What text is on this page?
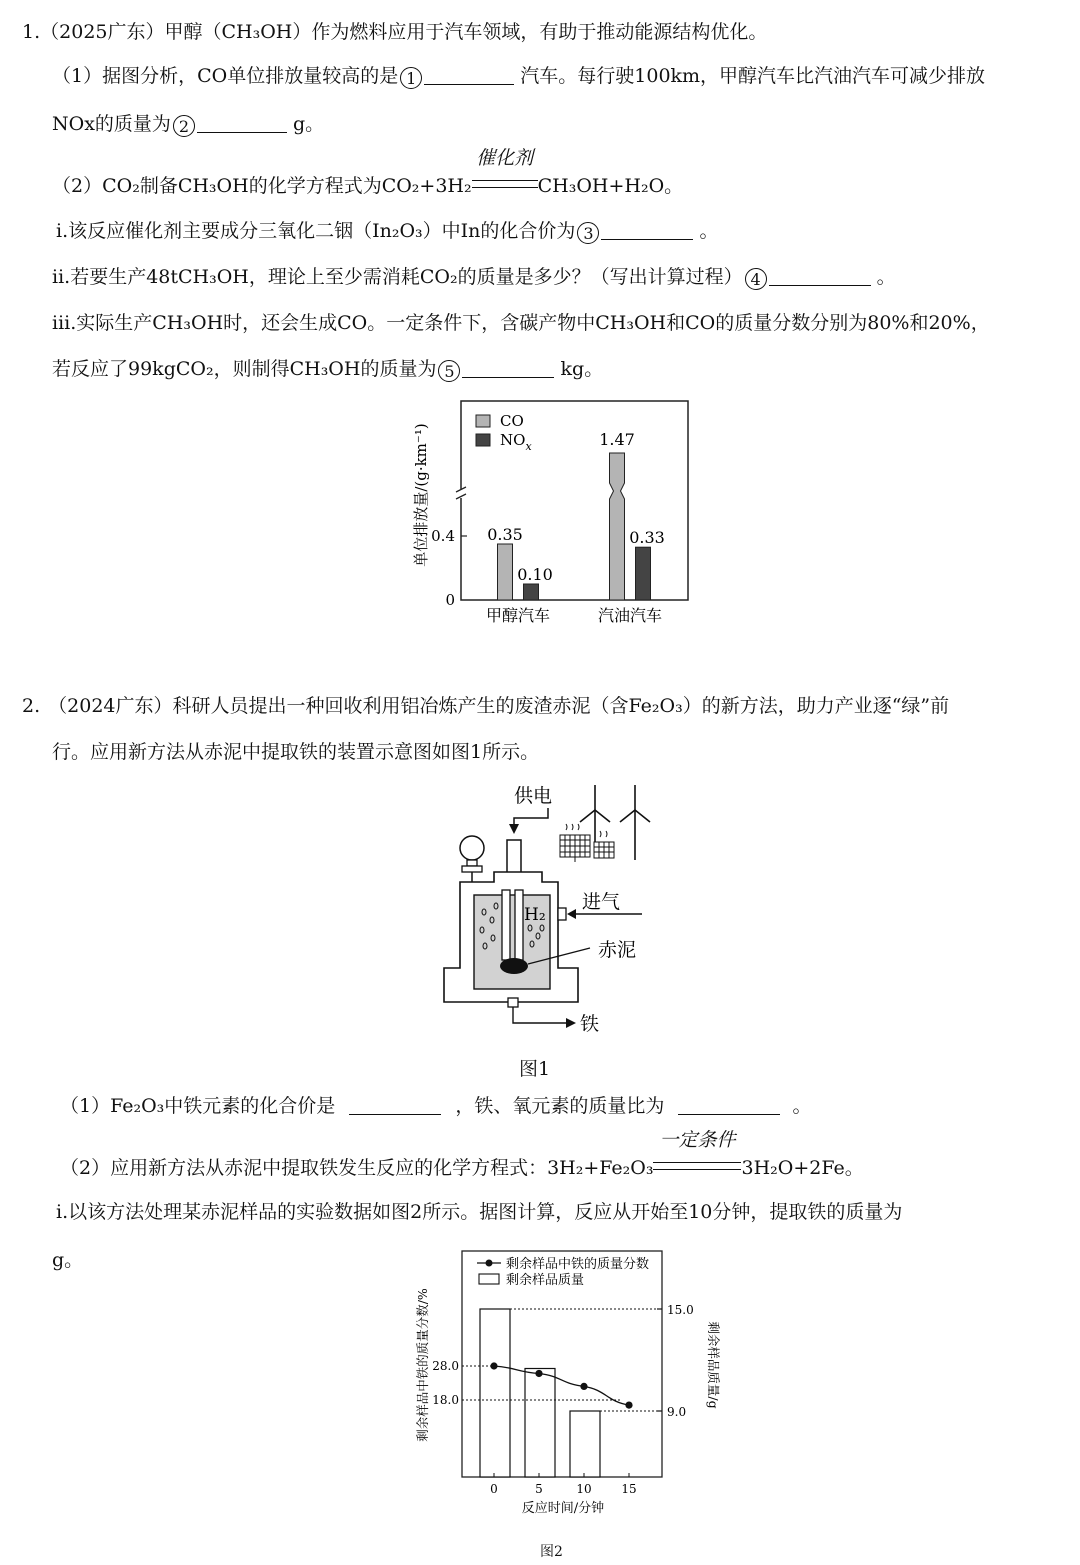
1.（2025广东）甲醇（CH₃OH）作为燃料应用于汽车领域，有助于推动能源结构优化。
（1）据图分析，CO单位排放量较高的是 1	汽车。每行驶100km，甲醇汽车比汽油汽车可减少排放
NOx的质量为 2	g。
（2）CO₂制备CH₃OH的化学方程式为CO₂+3H₂
催化剂
CH₃OH+H₂O。
ⅰ.该反应催化剂主要成分三氧化二铟（In₂O₃）中In的化合价为 3	。
ⅱ.若要生产48tCH₃OH，理论上至少需消耗CO₂的质量是多少？（写出计算过程） 4	。
ⅲ.实际生产CH₃OH时，还会生成CO。一定条件下，含碳产物中CH₃OH和CO的质量分数分别为80%和20%，
若反应了99kgCO₂，则制得CH₃OH的质量为 5	kg。
单位排放量/(g·km⁻¹)
0
0.4
CO
$NO_x$
0.35
1.47
0.10
0.33
甲醇汽车	汽油汽车
2. （2024广东）科研人员提出一种回收利用铝冶炼产生的废渣赤泥（含Fe₂O₃）的新方法，助力产业逐“绿”前
行。应用新方法从赤泥中提取铁的装置示意图如图1所示。
供电
H₂
赤泥
进气
铁
图1
（1）Fe₂O₃中铁元素的化合价是	，铁、氧元素的质量比为	。
（2）应用新方法从赤泥中提取铁发生反应的化学方程式：3H₂+Fe₂O₃
一定条件
3H₂O+2Fe。
ⅰ.以该方法处理某赤泥样品的实验数据如图2所示。据图计算，反应从开始至10分钟，提取铁的质量为
g。
剩余样品中铁的质量分数/%	剩余样品质量/g
剩余样品中铁的质量分数
剩余样品质量
28.0
18.0
15.0
9.0
0	5	10 15
反应时间/分钟
图2
